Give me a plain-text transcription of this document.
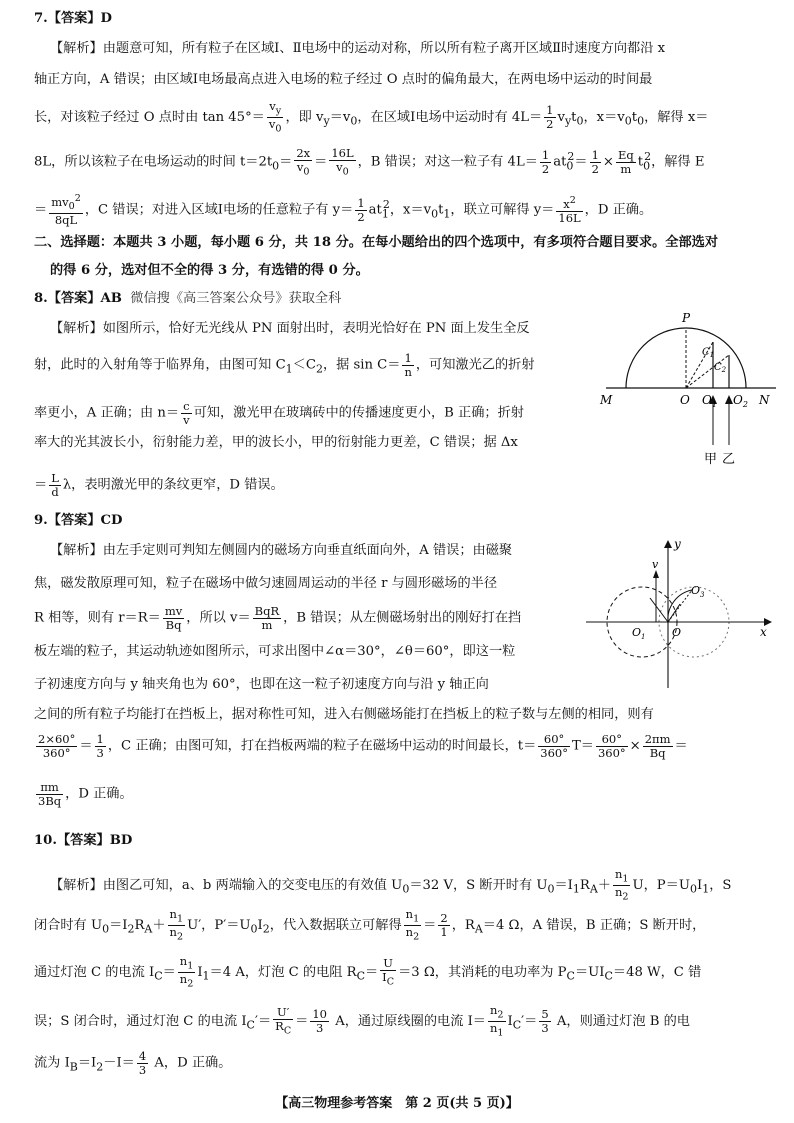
7.【答案】D
【解析】由题意可知，所有粒子在区域Ⅰ、Ⅱ电场中的运动对称，所以所有粒子离开区域Ⅱ时速度方向都沿 x
轴正方向，A 错误；由区域Ⅰ电场最高点进入电场的粒子经过 O 点时的偏角最大，在两电场中运动的时间最
长，对该粒子经过 O 点时由 $\tan 45^\circ= \frac{v_y}{v_0}$ ，即 $v_y=v_0$，在区域Ⅰ电场中运动时有 $4L= \frac{1}{2} v_yt_0$，$x=v_0t_0$，解得 x＝
8L，所以该粒子在电场运动的时间 $t=2t_0= \frac{2x}{v_0} = \frac{16L}{v_0}$ ，B 错误；对这一粒子有 $4L= \frac{1}{2} at_0^2= \frac{1}{2} \times \frac{Eq}{m} t_0^2$，解得 E
＝ $\frac{mv_0^2}{8qL}$ ，C 错误；对进入区域Ⅰ电场的任意粒子有 $y= \frac{1}{2} at_1^2$，$x=v_0t_1$，联立可解得 $y= \frac{x^2}{16L}$ ，D 正确。
二、选择题：本题共 3 小题，每小题 6 分，共 18 分。在每小题给出的四个选项中，有多项符合题目要求。全部选对
的得 6 分，选对但不全的得 3 分，有选错的得 0 分。
8.【答案】AB 微信搜《高三答案公众号》获取全科
【解析】如图所示，恰好无光线从 PN 面射出时，表明光恰好在 PN 面上发生全反
射，此时的入射角等于临界角，由图可知 $C_1<C_2$，据 $\sin C= \frac{1}{n}$ ，可知激光乙的折射
率更小，A 正确；由 $n= \frac{c}{v}$ 可知，激光甲在玻璃砖中的传播速度更小，B 正确；折射
率大的光其波长小，衍射能力差，甲的波长小，甲的衍射能力更差，C 错误；据 Δx
＝ $\frac{L}{d}$ λ，表明激光甲的条纹更窄，D 错误。
P
M	O $O_1$ $O_2$ N
$C_1$
$C_2$
甲 乙
9.【答案】CD
【解析】由左手定则可判知左侧圆内的磁场方向垂直纸面向外，A 错误；由磁聚
焦，磁发散原理可知，粒子在磁场中做匀速圆周运动的半径 r 与圆形磁场的半径
R 相等，则有 $r=R= \frac{mv}{Bq}$ ，所以 v＝ BqR
m ，B 错误；从左侧磁场射出的刚好打在挡
板左端的粒子，其运动轨迹如图所示，可求出图中∠α＝30°，∠θ＝60°，即这一粒
子初速度方向与 y 轴夹角也为 60°，也即在这一粒子初速度方向与沿 y 轴正向
之间的所有粒子均能打在挡板上，据对称性可知，进入右侧磁场能打在挡板上的粒子数与左侧的相同，则有
$\frac{2\times 60^\circ}{360^\circ} = \frac{1}{3}$ ，C 正确；由图可知，打在挡板两端的粒子在磁场中运动的时间最长，$t= \frac{60^\circ}{360^\circ} T= \frac{60^\circ}{360^\circ} \times \frac{2\pi m}{Bq}$ ＝
$\frac{\pi m}{3Bq}$ ，D 正确。
y
x
v
O
$O_1$
$O_3$
10.【答案】BD
【解析】由图乙可知，a、b 两端输入的交变电压的有效值 $U_0=32$ V，S 断开时有 $U_0=I_1R_A+ \frac{n_1}{n_2}$ U，$P=U_0I_1$，S
闭合时有 $U_0=I_2R_A+ \frac{n_1}{n_2} U'$，$P'=U_0I_2$，代入数据联立可解得 $\frac{n_1}{n_2} = \frac{2}{1}$ ，$R_A=4$ Ω，A 错误，B 正确；S 断开时，
通过灯泡 C 的电流 $I_C= \frac{n_1}{n_2} I_1=4$ A，灯泡 C 的电阻 $R_C= \frac{U}{I_C} =3$ Ω，其消耗的电功率为 $P_C=UI_C=48$ W，C 错
误；S 闭合时，通过灯泡 C 的电流 $I_C'= \frac{U'}{R_C} = \frac{10}{3}$ A，通过原线圈的电流 $I= \frac{n_2}{n_1} I_C'= \frac{5}{3}$ A，则通过灯泡 B 的电
流为 $I_B=I_2-I= \frac{4}{3}$ A，D 正确。
【高三物理参考答案　第 2 页(共 5 页)】
